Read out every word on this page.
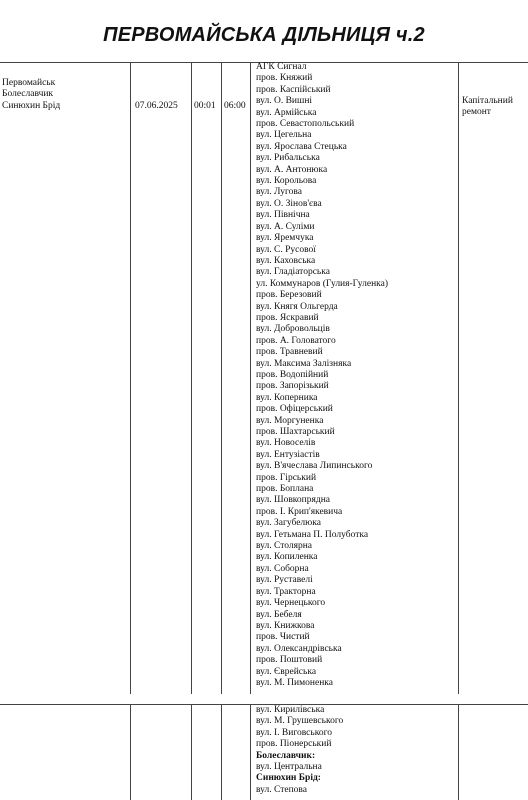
ПЕРВОМАЙСЬКА ДІЛЬНИЦЯ ч.2
Первомайськ
Болеславчик
Синюхин Брід	07.06.2025 00:01 06:00
АГК Сигнал
пров. Княжий
пров. Каспійський
вул. О. Вишні
вул. Армійська
пров. Севастопольський
вул. Цегельна
вул. Ярослава Стецька
вул. Рибальська
вул. А. Антонюка
вул. Корольова
вул. Лугова
вул. О. Зінов'єва
вул. Північна
вул. А. Суліми
вул. Яремчука
вул. С. Русової
вул. Каховська
вул. Гладіаторська
ул. Коммунаров (Гулия-Гуленка)
пров. Березовий
вул. Княгя Ольгерда
пров. Яскравий
вул. Добровольців
пров. А. Головатого
пров. Травневий
вул. Максима Залізняка
пров. Водопійний
пров. Запорізький
вул. Коперника
пров. Офіцерський
вул. Моргуненка
пров. Шахтарський
вул. Новоселів
вул. Ентузіастів
вул. В'ячеслава Липинського
пров. Гірський
пров. Боплана
вул. Шовкопрядна
пров. І. Крип'якевича
вул. Загубелюка
вул. Гетьмана П. Полуботка
вул. Столярна
вул. Копиленка
вул. Соборна
вул. Руставелі
вул. Тракторна
вул. Чернецького
вул. Бебеля
вул. Книжкова
пров. Чистий
вул. Олександрівська
пров. Поштовий
вул. Єврейська
вул. М. Пимоненка
Капітальний
ремонт
вул. Кирилівська
вул. М. Грушевського
вул. І. Виговського
пров. Піонерський
Болеславчик:
вул. Центральна
Синюхин Брід:
вул. Степова
